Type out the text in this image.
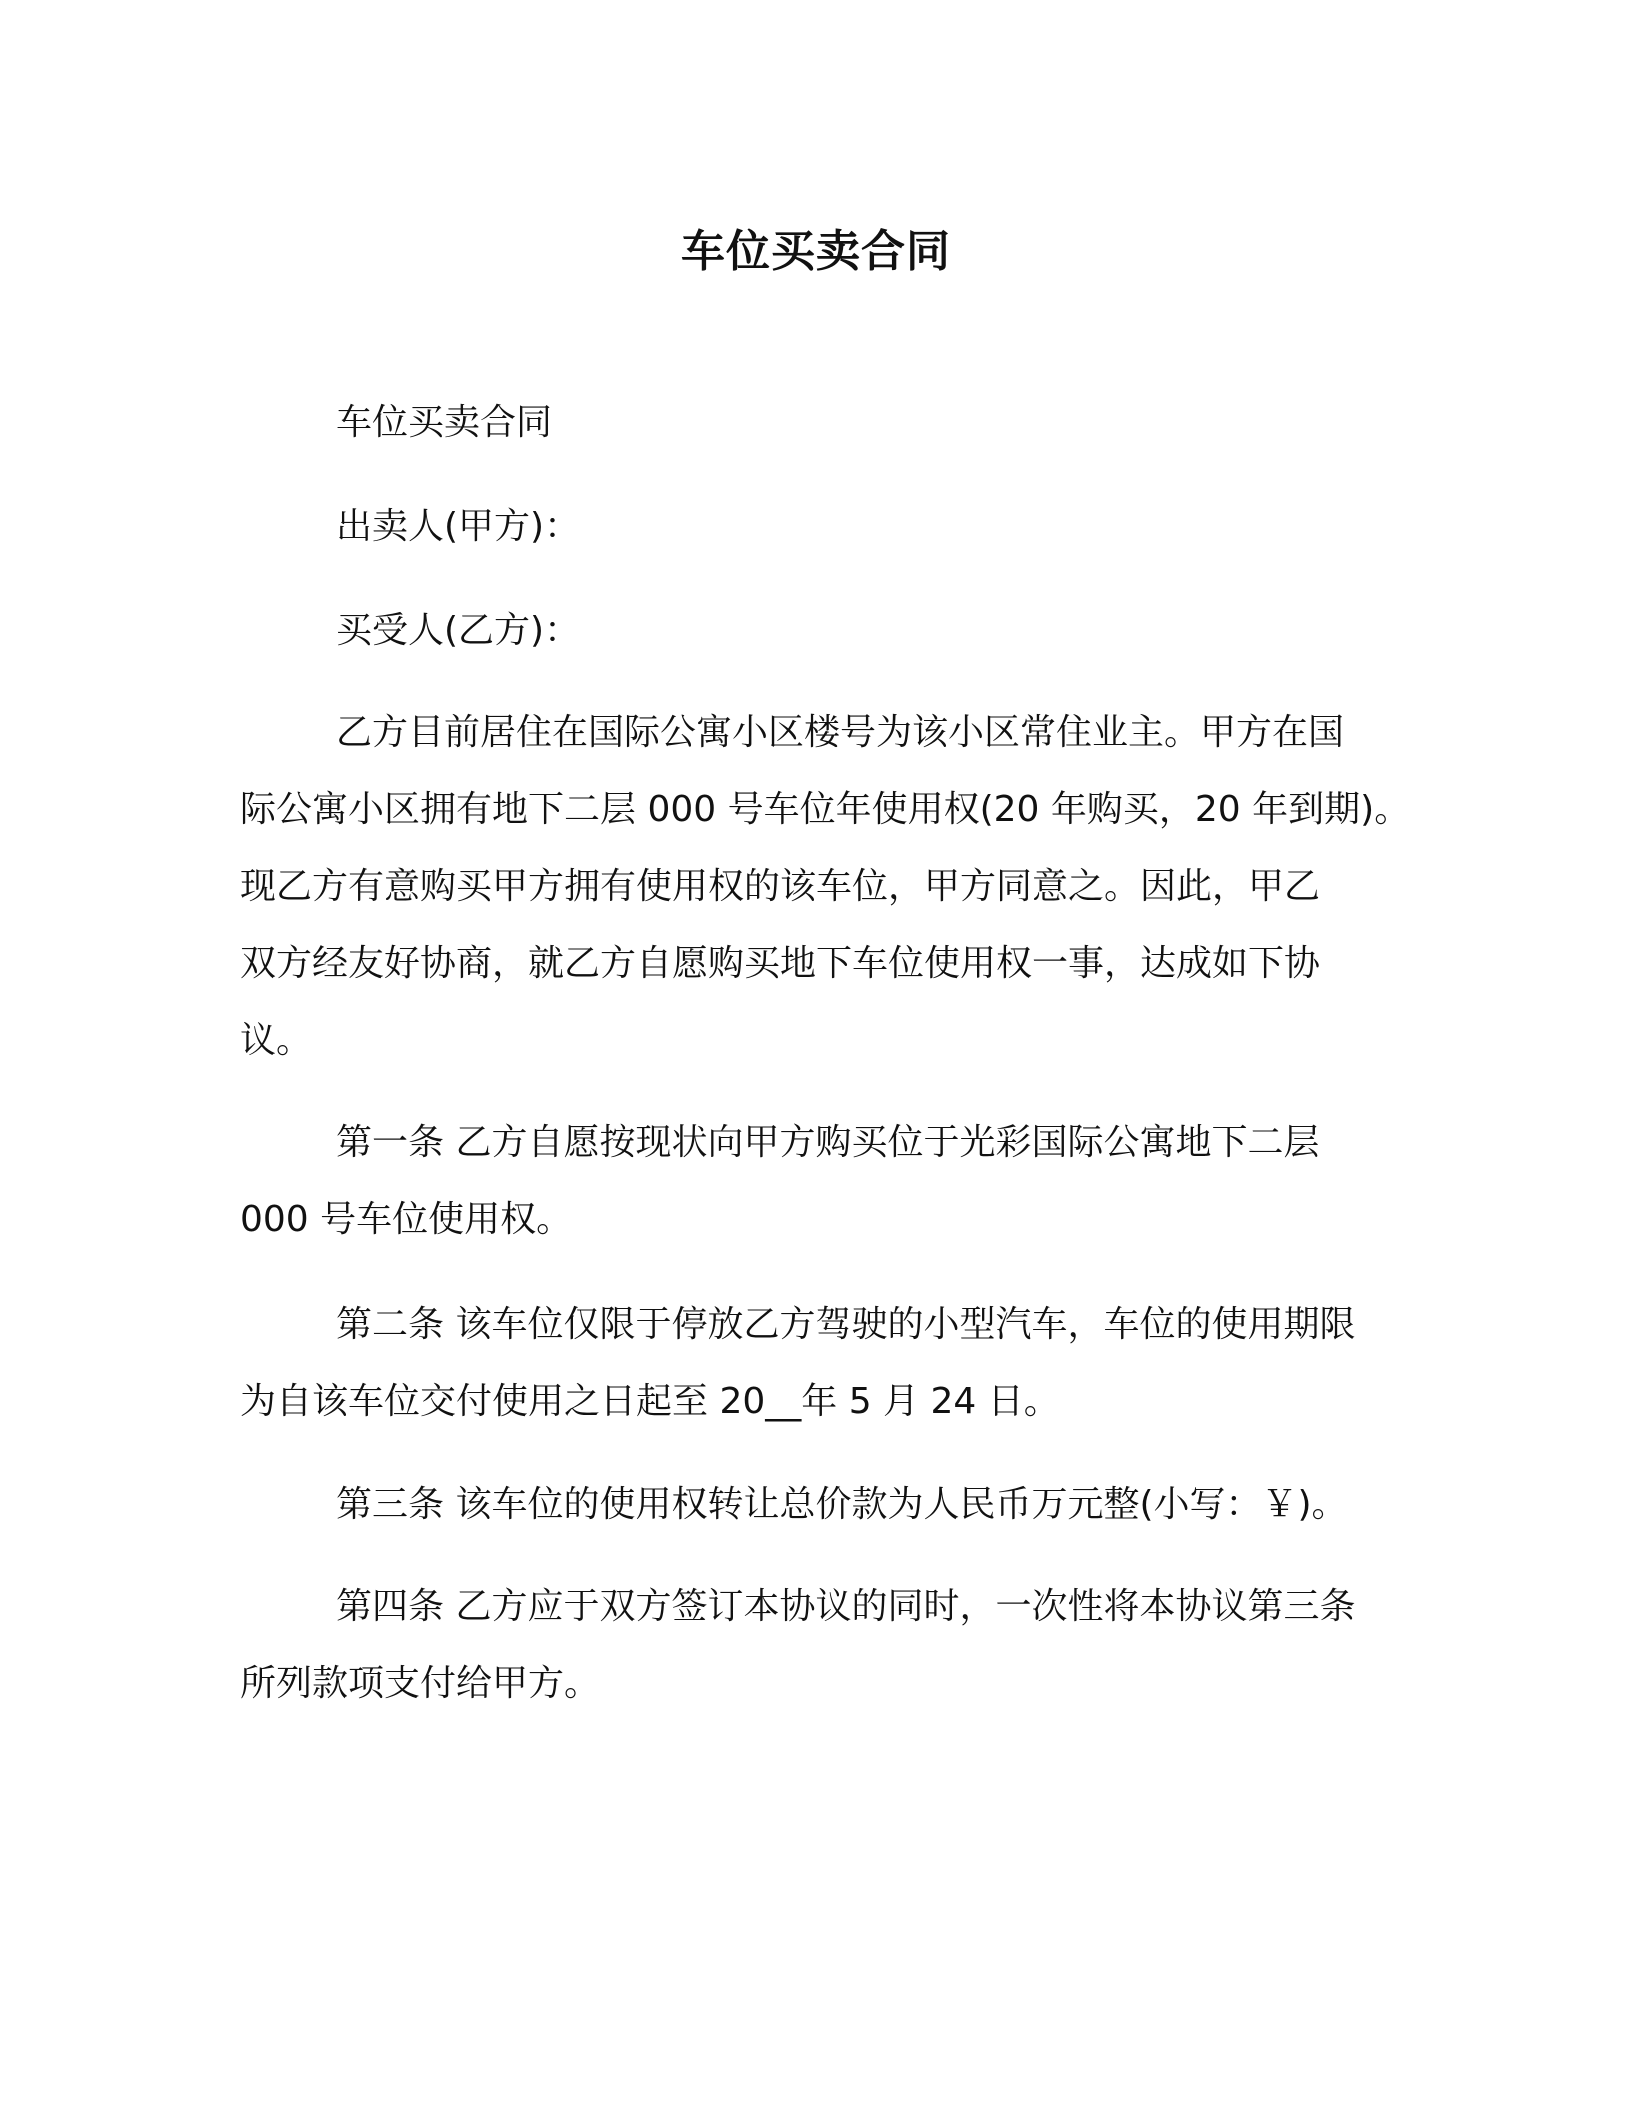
车位买卖合同

车位买卖合同

出卖人(甲方)：

买受人(乙方)：

乙方目前居住在国际公寓小区楼号为该小区常住业主。甲方在国
际公寓小区拥有地下二层 000 号车位年使用权(20 年购买，20 年到期)。
现乙方有意购买甲方拥有使用权的该车位，甲方同意之。因此，甲乙
双方经友好协商，就乙方自愿购买地下车位使用权一事，达成如下协
议。

第一条 乙方自愿按现状向甲方购买位于光彩国际公寓地下二层
000 号车位使用权。

第二条 该车位仅限于停放乙方驾驶的小型汽车，车位的使用期限
为自该车位交付使用之日起至 20__年 5 月 24 日。

第三条 该车位的使用权转让总价款为人民币万元整(小写：￥)。

第四条 乙方应于双方签订本协议的同时，一次性将本协议第三条
所列款项支付给甲方。
